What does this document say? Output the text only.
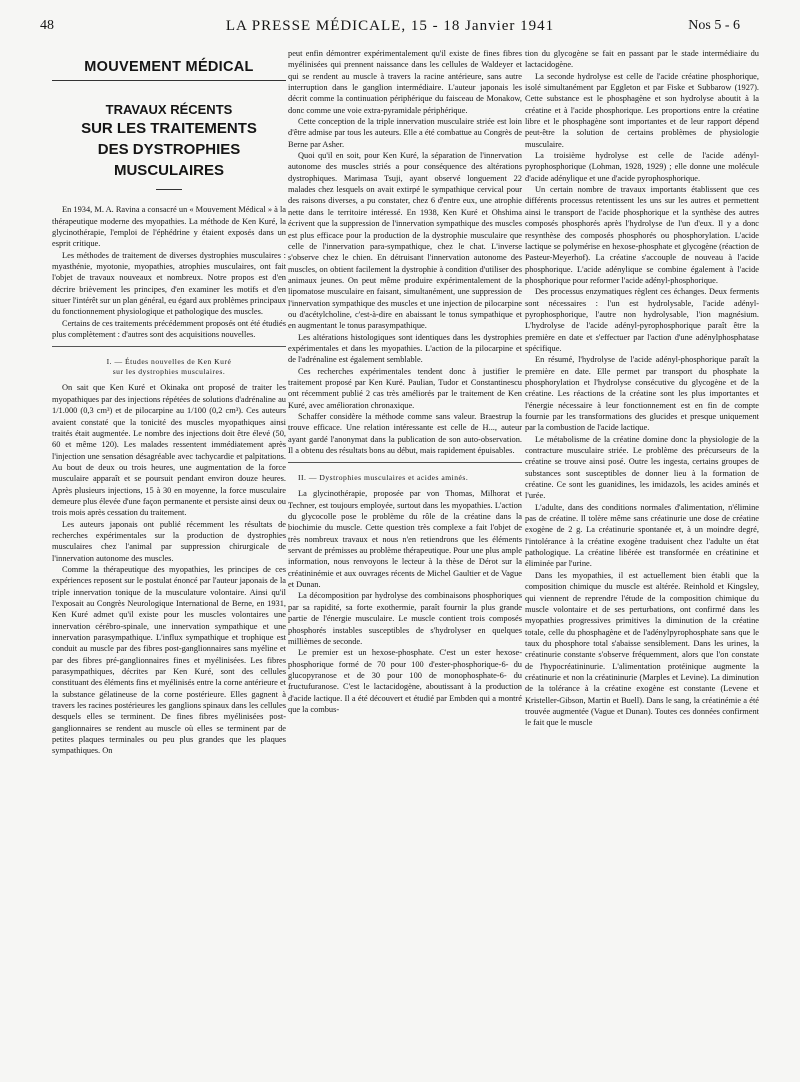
48	LA PRESSE MÉDICALE, 15 - 18 Janvier 1941	Nos 5 - 6
MOUVEMENT MÉDICAL
TRAVAUX RÉCENTS
SUR LES TRAITEMENTS
DES DYSTROPHIES
MUSCULAIRES

En 1934, M. A. Ravina a consacré un « Mouvement Médical » à la thérapeutique moderne des myopathies. La méthode de Ken Kuré, la glycinothérapie, l'emploi de l'éphédrine y étaient exposés dans un esprit critique.

Les méthodes de traitement de diverses dystrophies musculaires : myasthénie, myotonie, myopathies, atrophies musculaires, ont fait l'objet de travaux nouveaux et nombreux. Notre propos est d'en décrire brièvement les principes, d'en examiner les motifs et d'en situer l'intérêt sur un plan général, eu égard aux problèmes principaux du fonctionnement physiologique et pathologique des muscles.

Certains de ces traitements précédemment proposés ont été étudiés plus complètement : d'autres sont des acquisitions nouvelles.

I. — Études nouvelles de Ken Kuré
sur les dystrophies musculaires.

On sait que Ken Kuré et Okinaka ont proposé de traiter les myopathiques par des injections répétées de solutions d'adrénaline au 1/1.000 (0,3 cm³) et de pilocarpine au 1/100 (0,2 cm³). Ces auteurs avaient constaté que la tonicité des muscles myopathiques ainsi traités était augmentée. Le nombre des injections doit être élevé (50, 60 et même 120). Les malades ressentent immédiatement après l'injection une sensation désagréable avec tachycardie et palpitations. Au bout de deux ou trois heures, une augmentation de la force musculaire apparaît et se poursuit pendant environ douze heures. Après plusieurs injections, 15 à 30 en moyenne, la force musculaire demeure plus élevée d'une façon permanente et persiste ainsi deux ou trois mois après cessation du traitement.

Les auteurs japonais ont publié récemment les résultats de recherches expérimentales sur la production de dystrophies musculaires chez l'animal par suppression chirurgicale de l'innervation autonome des muscles.

Comme la thérapeutique des myopathies, les principes de ces expériences reposent sur le postulat énoncé par l'auteur japonais de la triple innervation tonique de la musculature volontaire. Ainsi qu'il l'exposait au Congrès Neurologique International de Berne, en 1931, Ken Kuré admet qu'il existe pour les muscles volontaires une innervation cérébro-spinale, une innervation sympathique et une innervation parasympathique. L'influx sympathique et trophique est conduit au muscle par des fibres post-ganglionnaires sans myéline et par des fibres pré-ganglionnaires fines et myélinisées. Les fibres parasympathiques, décrites par Ken Kuré, sont des cellules constituant des éléments fins et myélinisés entre la corne antérieure et la substance gélatineuse de la corne postérieure. Elles gagnent à travers les racines postérieures les ganglions spinaux dans les cellules desquels elles se terminent. De fines fibres myélinisées post-ganglionnaires se rendent au muscle où elles se terminent par de petites plaques terminales ou peu plus grandes que les plaques sympathiques. On

peut enfin démontrer expérimentalement qu'il existe de fines fibres myélinisées qui prennent naissance dans les cellules de Waldeyer et qui se rendent au muscle à travers la racine antérieure, sans autre interruption dans le ganglion intermédiaire. L'auteur japonais les décrit comme la continuation périphérique du faisceau de Monakow, donc comme une voie extra-pyramidale périphérique.

Cette conception de la triple innervation musculaire striée est loin d'être admise par tous les auteurs. Elle a été combattue au Congrès de Berne par Asher.

Quoi qu'il en soit, pour Ken Kuré, la séparation de l'innervation autonome des muscles striés a pour conséquence des altérations dystrophiques. Marimasa Tsuji, ayant observé longuement 22 malades chez lesquels on avait extirpé le sympathique cervical pour des raisons diverses, a pu constater, chez 6 d'entre eux, une atrophie nette dans le territoire intéressé. En 1938, Ken Kuré et Ohshima écrivent que la suppression de l'innervation sympathique des muscles est plus efficace pour la production de la dystrophie musculaire que celle de l'innervation para-sympathique, chez le chat. L'inverse s'observe chez le chien. En détruisant l'innervation autonome des muscles, on obtient facilement la dystrophie à condition d'utiliser des animaux jeunes. On peut même produire expérimentalement de la lipomatose musculaire en faisant, simultanément, une suppression de l'innervation sympathique des muscles et une injection de pilocarpine ou d'acétylcholine, c'est-à-dire en abaissant le tonus sympathique et en augmentant le tonus parasympathique.

Les altérations histologiques sont identiques dans les dystrophies expérimentales et dans les myopathies. L'action de la pilocarpine et de l'adrénaline est également semblable.

Ces recherches expérimentales tendent donc à justifier le traitement proposé par Ken Kuré. Paulian, Tudor et Constantinescu ont récemment publié 2 cas très améliorés par le traitement de Ken Kuré, avec amélioration chronaxique.

Schaffer considère la méthode comme sans valeur. Braestrup la trouve efficace. Une relation intéressante est celle de H..., auteur ayant gardé l'anonymat dans la publication de son auto-observation. Il a obtenu des résultats bons au début, mais rapidement épuisables.

II. — Dystrophies musculaires et acides aminés.

La glycinothérapie, proposée par von Thomas, Milhorat et Techner, est toujours employée, surtout dans les myopathies. L'action du glycocolle pose le problème du rôle de la créatine dans la biochimie du muscle. Cette question très complexe a fait l'objet de très nombreux travaux et nous n'en retiendrons que les éléments servant de prémisses au problème thérapeutique. Pour une plus ample information, nous renvoyons le lecteur à la thèse de Dérot sur la créatininémie et aux ouvrages récents de Michel Gaultier et de Vague et Dunan.

La décomposition par hydrolyse des combinaisons phosphoriques par sa rapidité, sa forte exothermie, paraît fournir la plus grande partie de l'énergie musculaire. Le muscle contient trois composés phosphorés instables susceptibles de s'hydrolyser en quelques millièmes de seconde.

Le premier est un hexose-phosphate. C'est un ester hexose-phosphorique formé de 70 pour 100 d'ester-phosphorique-6- du glucopyranose et de 30 pour 100 de monophosphate-6- du fructufuranose. C'est le lactacidogène, aboutissant à la production d'acide lactique. Il a été découvert et étudié par Embden qui a montré que la combus-

tion du glycogène se fait en passant par le stade intermédiaire du lactacidogène.

La seconde hydrolyse est celle de l'acide créatine phosphorique, isolé simultanément par Eggleton et par Fiske et Subbarow (1927). Cette substance est le phosphagène et son hydrolyse aboutit à la créatine et à l'acide phosphorique. Les proportions entre la créatine libre et le phosphagène sont importantes et de leur rapport dépend peut-être la solution de certains problèmes de physiologie musculaire.

La troisième hydrolyse est celle de l'acide adényl-pyrophosphorique (Lohman, 1928, 1929) ; elle donne une molécule d'acide adénylique et une d'acide pyrophosphorique.

Un certain nombre de travaux importants établissent que ces différents processus retentissent les uns sur les autres et permettent ainsi le transport de l'acide phosphorique et la synthèse des autres composés phosphorés après l'hydrolyse de l'un d'eux. Il y a donc resynthèse des composés phosphorés ou phosphorylation. L'acide lactique se polymérise en hexose-phosphate et glycogène (réaction de Pasteur-Meyerhof). La créatine s'accouple de nouveau à l'acide phosphorique. L'acide adénylique se combine également à l'acide phosphorique pour reformer l'acide adényl-phosphorique.

Des processus enzymatiques règlent ces échanges. Deux ferments sont nécessaires : l'un est hydrolysable, l'acide adényl-pyrophosphorique, l'autre non hydrolysable, l'ion magnésium. L'hydrolyse de l'acide adényl-pyrophosphorique paraît être la première en date et s'effectuer par l'action d'une adénylphosphatase spécifique.

En résumé, l'hydrolyse de l'acide adényl-phosphorique paraît la première en date. Elle permet par transport du phosphate la phosphorylation et l'hydrolyse consécutive du glycogène et de la créatine. Les réactions de la créatine sont les plus importantes et l'énergie nécessaire à leur fonctionnement est en fin de compte fournie par les transformations des glucides et presque uniquement par la combustion de l'acide lactique.

Le métabolisme de la créatine domine donc la physiologie de la contracture musculaire striée. Le problème des précurseurs de la créatine se trouve ainsi posé. Outre les ingesta, certains groupes de substances sont susceptibles de donner lieu à la formation de créatine. Ce sont les guanidines, les imidazols, les acides aminés et l'urée.

L'adulte, dans des conditions normales d'alimentation, n'élimine pas de créatine. Il tolère même sans créatinurie une dose de créatine exogène de 2 g. La créatinurie spontanée et, à un moindre degré, l'intolérance à la créatine exogène traduisent chez l'adulte un état pathologique. La créatine libérée est transformée en créatinine et éliminée par l'urine.

Dans les myopathies, il est actuellement bien établi que la composition chimique du muscle est altérée. Reinhold et Kingsley, qui viennent de reprendre l'étude de la composition chimique du muscle volontaire et de ses perturbations, ont confirmé dans les myopathies progressives primitives la diminution de la créatine totale, celle du phosphagène et de l'adénylpyrophosphate sans que le taux du phosphore total s'abaisse sensiblement. Dans les urines, la créatinurie constante s'observe fréquemment, alors que l'on constate de l'hypocréatininurie. L'alimentation protéinique augmente la créatinurie et non la créatininurie (Marples et Levine). La diminution de la tolérance à la créatine exogène est constante (Levene et Kristeller-Gibson, Martin et Buell). Dans le sang, la créatinémie a été trouvée augmentée (Vague et Dunan). Toutes ces données confirment le fait que le muscle
